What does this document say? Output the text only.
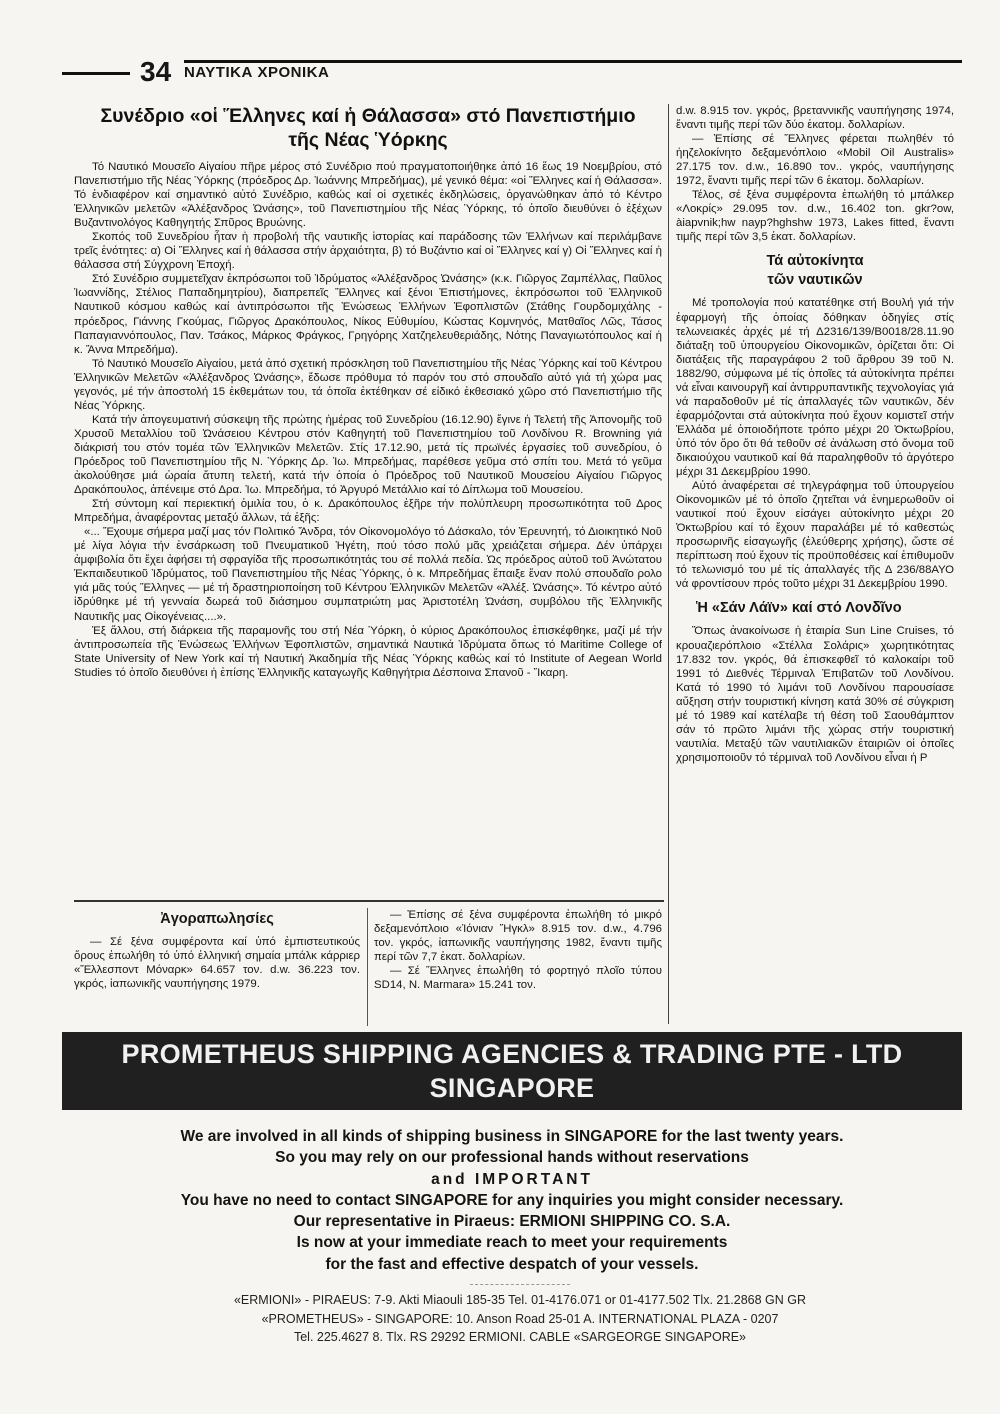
34 ΝΑΥΤΙΚΑ ΧΡΟΝΙΚΑ
Συνέδριο «οἱ Ἕλληνες καί ἡ Θάλασσα» στό Πανεπιστήμιο
τῆς Νέας Ὑόρκης

Τό Ναυτικό Μουσεῖο Αἰγαίου πῆρε μέρος στό Συνέδριο πού πραγματοποιήθηκε ἀπό 16 ἕως 19 Νοεμβρίου, στό Πανεπιστήμιο τῆς Νέας Ὑόρκης (πρόεδρος Δρ. Ἰωάννης Μπρεδήμας), μέ γενικό θέμα: «οἱ Ἕλληνες καί ἡ Θάλασσα». Τό ἐνδιαφέρον καί σημαντικό αὐτό Συνέδριο, καθώς καί οἱ σχετικές ἐκδηλώσεις, ὀργανώθηκαν ἀπό τό Κέντρο Ἑλληνικῶν μελετῶν «Ἀλέξανδρος Ὠνάσης», τοῦ Πανεπιστημίου τῆς Νέας Ὑόρκης, τό ὁποῖο διευθύνει ὁ ἐξέχων Βυζαντινολόγος Καθηγητής Σπῦρος Βρυώνης.

Σκοπός τοῦ Συνεδρίου ἦταν ἡ προβολή τῆς ναυτικῆς ἱστορίας καί παράδοσης τῶν Ἑλλήνων καί περιλάμβανε τρεῖς ἑνότητες: α) Οἱ Ἕλληνες καί ἡ θάλασσα στήν ἀρχαιότητα, β) τό Βυζάντιο καί οἱ Ἕλληνες καί γ) Οἱ Ἕλληνες καί ἡ θάλασσα στή Σύγχρονη Ἐποχή.

Στό Συνέδριο συμμετεῖχαν ἐκπρόσωποι τοῦ Ἱδρύματος «Ἀλέξανδρος Ὠνάσης» (κ.κ. Γιῶργος Ζαμπέλλας, Παῦλος Ἰωαννίδης, Στέλιος Παπαδημητρίου), διαπρεπεῖς Ἕλληνες καί ξένοι Ἐπιστήμονες, ἐκπρόσωποι τοῦ Ἑλληνικοῦ Ναυτικοῦ κόσμου καθώς καί ἀντιπρόσωποι τῆς Ἑνώσεως Ἑλλήνων Ἐφοπλιστῶν (Στάθης Γουρδομιχάλης - πρόεδρος, Γιάννης Γκούμας, Γιῶργος Δρακόπουλος, Νίκος Εὐθυμίου, Κώστας Κομνηνός, Ματθαῖος Λῶς, Τάσος Παπαγιαννόπουλος, Παν. Τσάκος, Μάρκος Φράγκος, Γρηγόρης Χατζηελευθεριάδης, Νότης Παναγιωτόπουλος καί ἡ κ. Ἄννα Μπρεδήμα).

Τό Ναυτικό Μουσεῖο Αἰγαίου, μετά ἀπό σχετική πρόσκληση τοῦ Πανεπιστημίου τῆς Νέας Ὑόρκης καί τοῦ Κέντρου Ἑλληνικῶν Μελετῶν «Ἀλέξανδρος Ὠνάσης», ἔδωσε πρόθυμα τό παρόν του στό σπουδαῖο αὐτό γιά τή χώρα μας γεγονός, μέ τήν ἀποστολή 15 ἐκθεμάτων του, τά ὁποῖα ἐκτέθηκαν σέ εἰδικό ἐκθεσιακό χῶρο στό Πανεπιστήμιο τῆς Νέας Ὑόρκης.

Κατά τήν ἀπογευματινή σύσκεψη τῆς πρώτης ἡμέρας τοῦ Συνεδρίου (16.12.90) ἔγινε ἡ Τελετή τῆς Ἀπονομῆς τοῦ Χρυσοῦ Μεταλλίου τοῦ Ὠνάσειου Κέντρου στόν Καθηγητή τοῦ Πανεπιστημίου τοῦ Λονδίνου R. Browning γιά διάκρισή του στόν τομέα τῶν Ἑλληνικῶν Μελετῶν. Στίς 17.12.90, μετά τίς πρωϊνές ἐργασίες τοῦ συνεδρίου, ὁ Πρόεδρος τοῦ Πανεπιστημίου τῆς Ν. Ὑόρκης Δρ. Ἰω. Μπρεδήμας, παρέθεσε γεῦμα στό σπίτι του. Μετά τό γεῦμα ἀκολούθησε μιά ὡραία ἄτυπη τελετή, κατά τήν ὁποία ὁ Πρόεδρος τοῦ Ναυτικοῦ Μουσείου Αἰγαίου Γιῶργος Δρακόπουλος, ἀπένειμε στό Δρα. Ἰω. Μπρεδήμα, τό Ἀργυρό Μετάλλιο καί τό Δίπλωμα τοῦ Μουσείου.

Στή σύντομη καί περιεκτική ὁμιλία του, ὁ κ. Δρακόπουλος ἐξῆρε τήν πολύπλευρη προσωπικότητα τοῦ Δρος Μπρεδήμα, ἀναφέροντας μεταξύ ἄλλων, τά ἑξῆς:

«... Ἔχουμε σήμερα μαζί μας τόν Πολιτικό Ἄνδρα, τόν Οἰκονομολόγο τό Δάσκαλο, τόν Ἐρευνητή, τό Διοικητικό Νοῦ μέ λίγα λόγια τήν ἐνσάρκωση τοῦ Πνευματικοῦ Ἡγέτη, πού τόσο πολύ μᾶς χρειάζεται σήμερα. Δέν ὑπάρχει ἀμφιβολία ὅτι ἔχει ἀφήσει τή σφραγίδα τῆς προσωπικότητάς του σέ πολλά πεδία. Ὡς πρόεδρος αὐτοῦ τοῦ Ἀνώτατου Ἐκπαιδευτικοῦ Ἱδρύματος, τοῦ Πανεπιστημίου τῆς Νέας Ὑόρκης, ὁ κ. Μπρεδήμας ἔπαιξε ἕναν πολύ σπουδαῖο ρολο γιά μᾶς τούς Ἕλληνες — μέ τή δραστηριοποίηση τοῦ Κέντρου Ἑλληνικῶν Μελετῶν «Ἀλέξ. Ὠνάσης». Τό κέντρο αὐτό ἱδρύθηκε μέ τή γενναία δωρεά τοῦ διάσημου συμπατριώτη μας Ἀριστοτέλη Ὠνάση, συμβόλου τῆς Ἑλληνικῆς Ναυτικῆς μας Οἰκογένειας....».

Ἐξ ἄλλου, στή διάρκεια τῆς παραμονῆς του στή Νέα Ὑόρκη, ὁ κύριος Δρακόπουλος ἐπισκέφθηκε, μαζί μέ τήν ἀντιπροσωπεία τῆς Ἑνώσεως Ἑλλήνων Ἐφοπλιστῶν, σημαντικά Ναυτικά Ἱδρύματα ὅπως τό Maritime College of State University of New York καί τή Ναυτική Ἀκαδημία τῆς Νέας Ὑόρκης καθώς καί τό Institute of Aegean World Studies τό ὁποῖο διευθύνει ἡ ἐπίσης Ἑλληνικῆς καταγωγῆς Καθηγήτρια Δέσποινα Σπανοῦ - Ἴκαρη.

d.w. 8.915 τον. γκρός, βρεταννικῆς ναυπήγησης 1974, ἔναντι τιμῆς περί τῶν δύο ἑκατομ. δολλαρίων.

— Ἐπίσης σέ Ἕλληνες φέρεται πωληθέν τό ἠηζελοκίνητο δεξαμενόπλοιο «Mobil Oil Australis» 27.175 τον. d.w., 16.890 τον.. γκρός, ναυπήγησης 1972, ἔναντι τιμῆς περί τῶν 6 ἑκατομ. δολλαρίων.

Τέλος, σέ ξένα συμφέροντα ἐπωλήθη τό μπάλκερ «Λοκρίς» 29.095 τον. d.w., 16.402 ton. gkr?ow, àiapvnik;hw nayp?hghshw 1973, Lakes fitted, ἔναντι τιμῆς περί τῶν 3,5 ἑκατ. δολλαρίων.

Τά αὐτοκίνητα
τῶν ναυτικῶν

Μέ τροπολογία πού κατατέθηκε στή Βουλή γιά τήν ἐφαρμογή τῆς ὁποίας δόθηκαν ὁδηγίες στίς τελωνειακές ἀρχές μέ τή Δ2316/139/Β0018/28.11.90 διάταξη τοῦ ὑπουργείου Οἰκονομικῶν, ὁρίζεται ὅτι: Οἱ διατάξεις τῆς παραγράφου 2 τοῦ ἄρθρου 39 τοῦ Ν. 1882/90, σύμφωνα μέ τίς ὁποῖες τά αὐτοκίνητα πρέπει νά εἶναι καινουργῆ καί ἀντιρρυπαντικῆς τεχνολογίας γιά νά παραδοθοῦν μέ τίς ἀπαλλαγές τῶν ναυτικῶν, δέν ἐφαρμόζονται στά αὐτοκίνητα πού ἔχουν κομιστεῖ στήν Ἑλλάδα μέ ὁποιοδήποτε τρόπο μέχρι 20 Ὀκτωβρίου, ὑπό τόν ὅρο ὅτι θά τεθοῦν σέ ἀνάλωση στό ὄνομα τοῦ δικαιούχου ναυτικοῦ καί θά παραληφθοῦν τό ἀργότερο μέχρι 31 Δεκεμβρίου 1990.

Αὐτό ἀναφέρεται σέ τηλεγράφημα τοῦ ὑπουργείου Οἰκονομικῶν μέ τό ὁποῖο ζητεῖται νά ἐνημερωθοῦν οἱ ναυτικοί πού ἔχουν εἰσάγει αὐτοκίνητο μέχρι 20 Ὀκτωβρίου καί τό ἔχουν παραλάβει μέ τό καθεστώς προσωρινῆς εἰσαγωγῆς (ἐλεύθερης χρήσης), ὥστε σέ περίπτωση πού ἔχουν τίς προϋποθέσεις καί ἐπιθυμοῦν τό τελωνισμό του μέ τίς ἀπαλλαγές τῆς Δ 236/88ΑΥΟ νά φροντίσουν πρός τοῦτο μέχρι 31 Δεκεμβρίου 1990.

Ἡ «Σάν Λάϊν» καί στό Λονδῖνο

Ὅπως ἀνακοίνωσε ἡ ἑταιρία Sun Line Cruises, τό κρουαζιερόπλοιο «Στέλλα Σολάρις» χωρητικότητας 17.832 τον. γκρός, θά ἐπισκεφθεῖ τό καλοκαίρι τοῦ 1991 τό Διεθνές Τέρμιναλ Ἐπιβατῶν τοῦ Λονδίνου. Κατά τό 1990 τό λιμάνι τοῦ Λονδίνου παρουσίασε αὔξηση στήν τουριστική κίνηση κατά 30% σέ σύγκριση μέ τό 1989 καί κατέλαβε τή θέση τοῦ Σαουθάμπτον σάν τό πρῶτο λιμάνι τῆς χώρας στήν τουριστική ναυτιλία. Μεταξύ τῶν ναυτιλιακῶν ἑταιριῶν οἱ ὁποῖες χρησιμοποιοῦν τό τέρμιναλ τοῦ Λονδίνου εἶναι ἡ P

Ἀγοραπωλησίες

— Σέ ξένα συμφέροντα καί ὑπό ἐμπιστευτικούς ὅρους ἐπωλήθη τό ὑπό ἑλληνική σημαία μπάλκ κάρριερ «Ἕλλεσποντ Μόναρκ» 64.657 τον. d.w. 36.223 τον. γκρός, ἰαπωνικῆς ναυπήγησης 1979.

— Ἐπίσης σέ ξένα συμφέροντα ἐπωλήθη τό μικρό δεξαμενόπλοιο «Ἰόνιαν Ἥγκλ» 8.915 τον. d.w., 4.796 τον. γκρός, ἰαπωνικῆς ναυπήγησης 1982, ἔναντι τιμῆς περί τῶν 7,7 ἑκατ. δολλαρίων.

— Σέ Ἕλληνες ἐπωλήθη τό φορτηγό πλοῖο τύπου SD14, N. Marmara» 15.241 τον.

PROMETHEUS SHIPPING AGENCIES & TRADING PTE - LTD
SINGAPORE
We are involved in all kinds of shipping business in SINGAPORE for the last twenty years.
So you may rely on our professional hands without reservations
and IMPORTANT
You have no need to contact SINGAPORE for any inquiries you might consider necessary.
Our representative in Piraeus: ERMIONI SHIPPING CO. S.A.
Is now at your immediate reach to meet your requirements
for the fast and effective despatch of your vessels.
«ERMIONI» - PIRAEUS: 7-9. Akti Miaouli 185-35 Tel. 01-4176.071 or 01-4177.502 Tlx. 21.2868 GN GR
«PROMETHEUS» - SINGAPORE: 10. Anson Road 25-01 A. INTERNATIONAL PLAZA - 0207
Tel. 225.4627 8. Tlx. RS 29292 ERMIONI. CABLE «SARGEORGE SINGAPORE»
